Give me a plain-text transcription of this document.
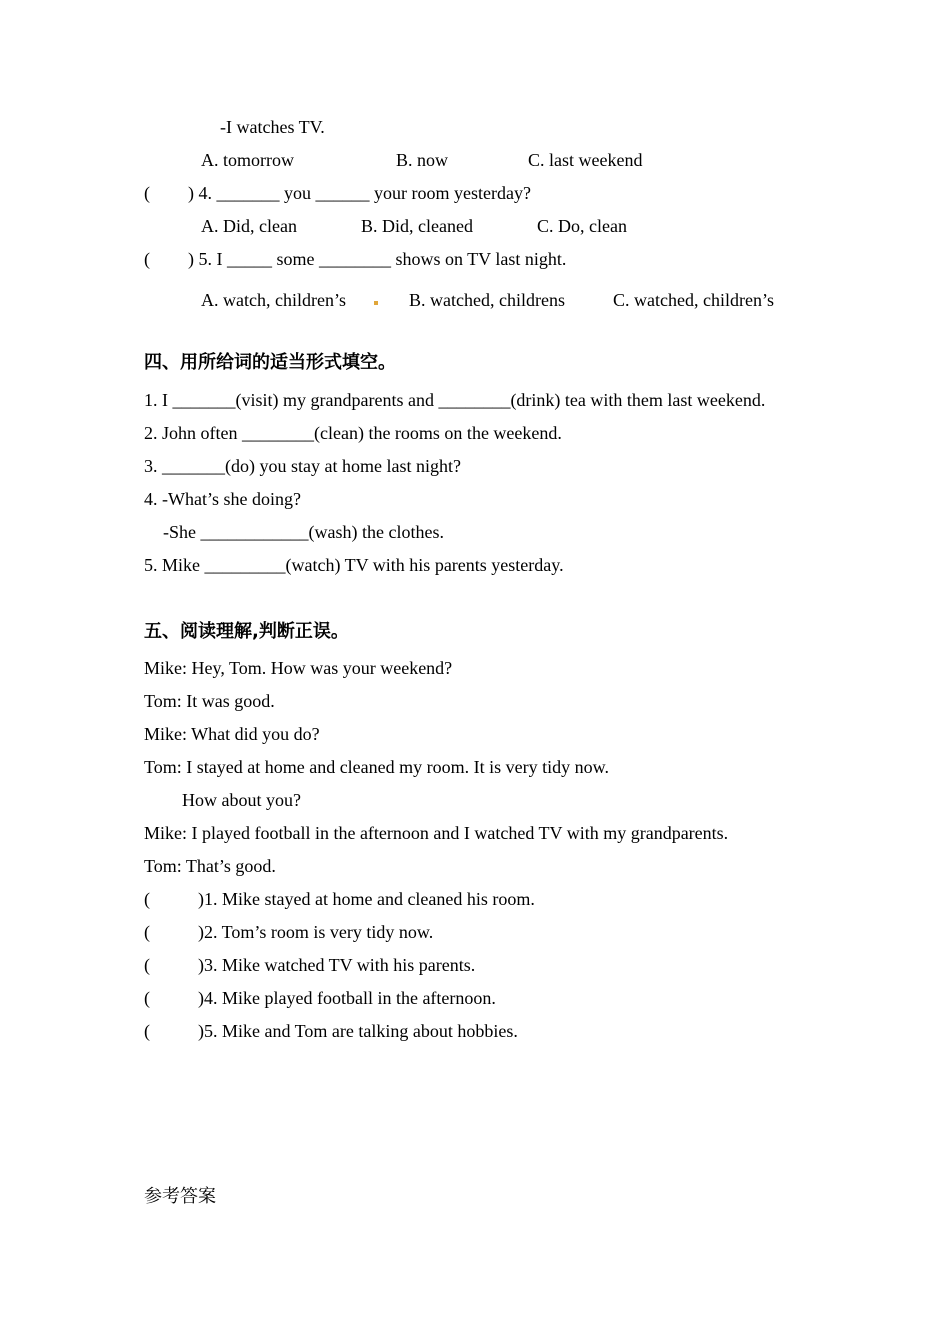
-I watches TV.
A. tomorrow	B. now	C. last weekend
( ) 4. _______ you ______ your room yesterday?
A. Did, clean	B. Did, cleaned	C. Do, clean
( ) 5. I _____ some ________ shows on TV last night.
A. watch, children’s	B. watched, childrens	C. watched, children’s
四、用所给词的适当形式填空。
1. I _______(visit) my grandparents and ________(drink) tea with them last weekend.
2. John often ________(clean) the rooms on the weekend.
3. _______(do) you stay at home last night?
4. -What’s she doing?
-She ____________(wash) the clothes.
5. Mike _________(watch) TV with his parents yesterday.
五、阅读理解,判断正误。
Mike: Hey, Tom. How was your weekend?
Tom: It was good.
Mike: What did you do?
Tom: I stayed at home and cleaned my room. It is very tidy now.
How about you?
Mike: I played football in the afternoon and I watched TV with my grandparents.
Tom: That’s good.
(	)1. Mike stayed at home and cleaned his room.
(	)2. Tom’s room is very tidy now.
(	)3. Mike watched TV with his parents.
(	)4. Mike played football in the afternoon.
(	)5. Mike and Tom are talking about hobbies.
参考答案
